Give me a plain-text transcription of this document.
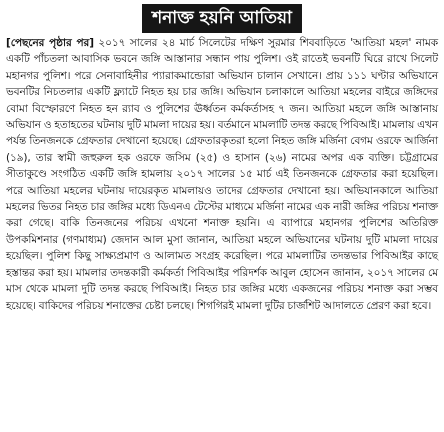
শনাক্ত হয়নি আতিয়া
[পেছনের পৃষ্ঠার পর] ২০১৭ সালের ২৪ মার্চ সিলেটের দক্ষিণ সুরমার শিববাড়িতে 'আতিয়া মহল' নামক একটি পাঁচতলা আবাসিক ভবনে জঙ্গি আস্তানার সন্ধান পায় পুলিশ। ওই রাতেই ভবনটি ঘিরে রাখে সিলেট মহানগর পুলিশ। পরে সেনাবাহিনীর প্যারাকমান্ডোরা অভিযান চালান সেখানে। প্রায় ১১১ ঘণ্টার অভিযানে ভবনটির নিচতলার একটি ফ্ল্যাটে নিহত হয় চার জঙ্গি। অভিযান চলাকালে আতিয়া মহলের বাইরে জঙ্গিদের বোমা বিস্ফোরণে নিহত হন র‌্যাব ও পুলিশের ঊর্ধ্বতন কর্মকর্তাসহ ৭ জন। আতিয়া মহলে জঙ্গি আস্তানায় অভিযান ও হতাহতের ঘটনায় দুটি মামলা দায়ের হয়। বর্তমানে মামলাটি তদন্ত করছে পিবিআই। মামলায় এখন পর্যন্ত তিনজনকে গ্রেফতার দেখানো হয়েছে। গ্রেফতারকৃতরা হলো নিহত জঙ্গি মর্জিনা বেগম ওরফে আর্জিনা (১৯), তার স্বামী জহুরুল হক ওরফে জসিম (২৫) ও হাসান (২৬) নামের অপর এক ব্যক্তি। চট্টগ্রামের সীতাকুণ্ডে সংগঠিত একটি জঙ্গি হামলায় ২০১৭ সালের ১৫ মার্চ এই তিনজনকে গ্রেফতার করা হয়েছিল। পরে আতিয়া মহলের ঘটনায় দায়েরকৃত মামলায়ও তাদের গ্রেফতার দেখানো হয়। অভিযানকালে আতিয়া মহলের ভিতর নিহত চার জঙ্গির মধ্যে ডিএনএ টেস্টের মাধ্যমে মর্জিনা নামের এক নারী জঙ্গির পরিচয় শনাক্ত করা গেছে। বাকি তিনজনের পরিচয় এখনো শনাক্ত হয়নি। এ ব্যাপারে মহানগর পুলিশের অতিরিক্ত উপকমিশনার (গণমাধ্যম) জেদান আল মুসা জানান, আতিয়া মহলে অভিযানের ঘটনায় দুটি মামলা দায়ের হয়েছিল। পুলিশ কিছু সাক্ষ্যপ্রমাণ ও আলামত সংগ্রহ করেছিল। পরে মামলাটির তদন্তভার পিবিআইর কাছে হস্তান্তর করা হয়। মামলার তদন্তকারী কর্মকর্তা পিবিআইর পরিদর্শক আবুল হোসেন জানান, ২০১৭ সালের মে মাস থেকে মামলা দুটি তদন্ত করছে পিবিআই। নিহত চার জঙ্গির মধ্যে একজনের পরিচয় শনাক্ত করা সম্ভব হয়েছে। বাকিদের পরিচয় শনাক্তের চেষ্টা চলছে। শিগগিরই মামলা দুটির চার্জশিট আদালতে প্রেরণ করা হবে।
